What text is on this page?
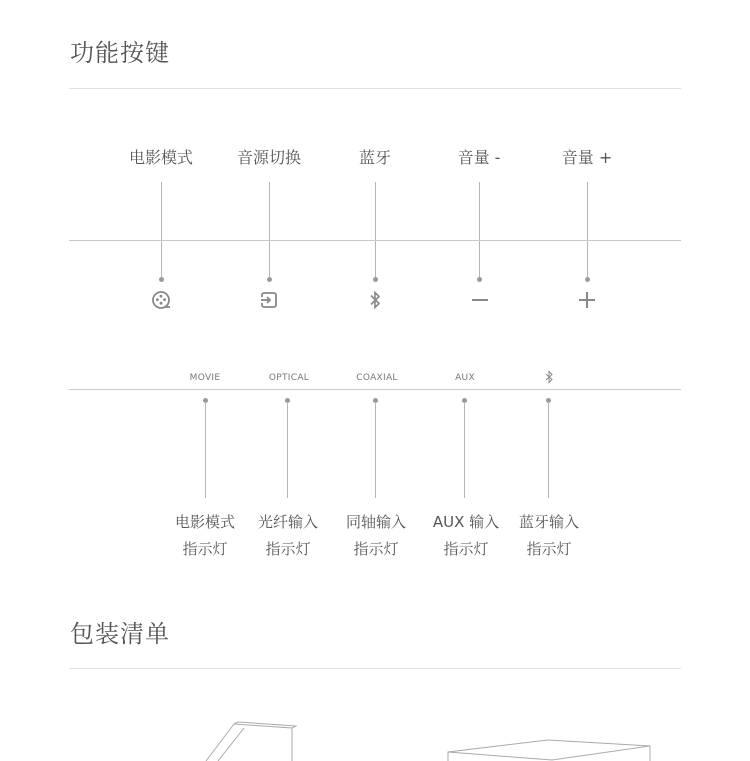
功能按键
电影模式	音源切换	蓝牙	音量 -	音量 +
MOVIE	OPTICAL	COAXIAL	AUX
电影模式
指示灯
光纤输入
指示灯
同轴输入
指示灯
AUX 输入
指示灯
蓝牙输入
指示灯
包装清单
